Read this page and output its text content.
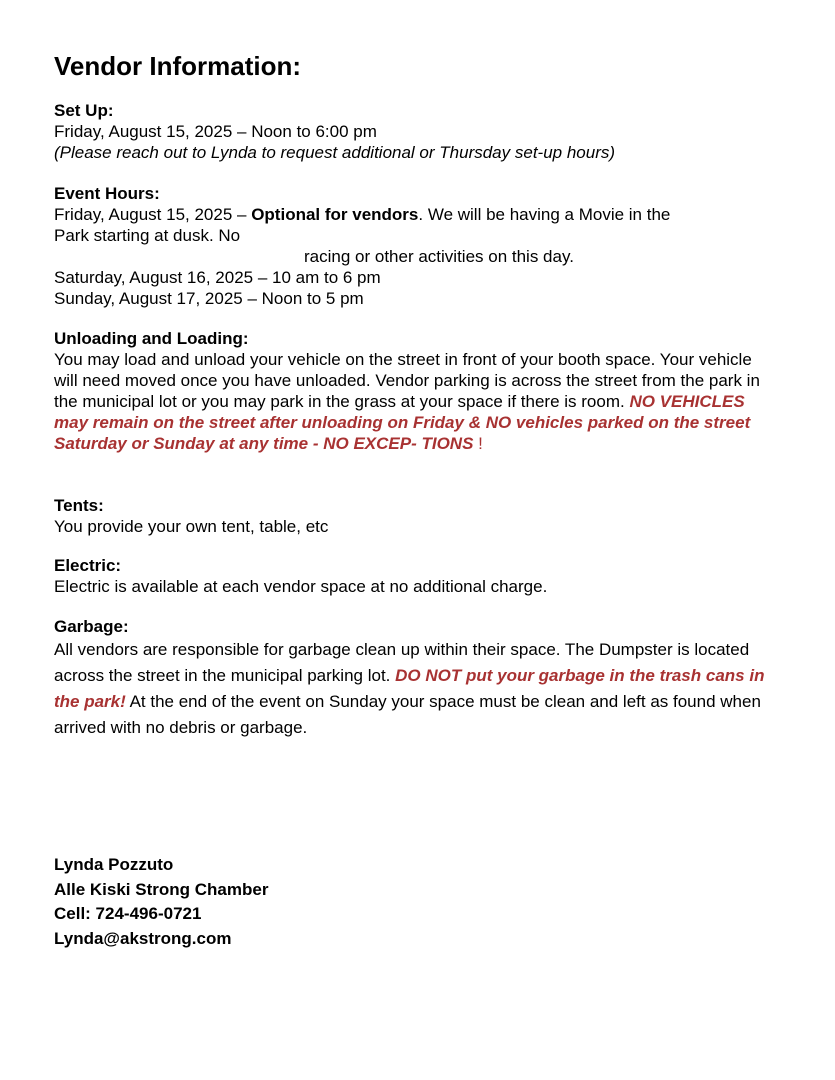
Vendor Information:

Set Up:

Friday, August 15, 2025 – Noon to 6:00 pm

(Please reach out to Lynda to request additional or Thursday set-up hours)

Event Hours:

Friday, August 15, 2025 – Optional for vendors. We will be having a Movie in the

Park starting at dusk. No

racing or other activities on this day.

Saturday, August 16, 2025 – 10 am to 6 pm

Sunday, August 17, 2025 – Noon to 5 pm

Unloading and Loading:

You may load and unload your vehicle on the street in front of your booth space. Your vehicle will need moved once you have unloaded. Vendor parking is across the street from the park in the municipal lot or you may park in the grass at your space if there is room. NO VEHICLES may remain on the street after unloading on Friday & NO vehicles parked on the street Saturday or Sunday at any time - NO EXCEP- TIONS !

Tents:

You provide your own tent, table, etc

Electric:

Electric is available at each vendor space at no additional charge.

Garbage:

All vendors are responsible for garbage clean up within their space. The Dumpster is located across the street in the municipal parking lot. DO NOT put your garbage in the trash cans in the park! At the end of the event on Sunday your space must be clean and left as found when arrived with no debris or garbage.

Lynda Pozzuto

Alle Kiski Strong Chamber

Cell: 724-496-0721

Lynda@akstrong.com
